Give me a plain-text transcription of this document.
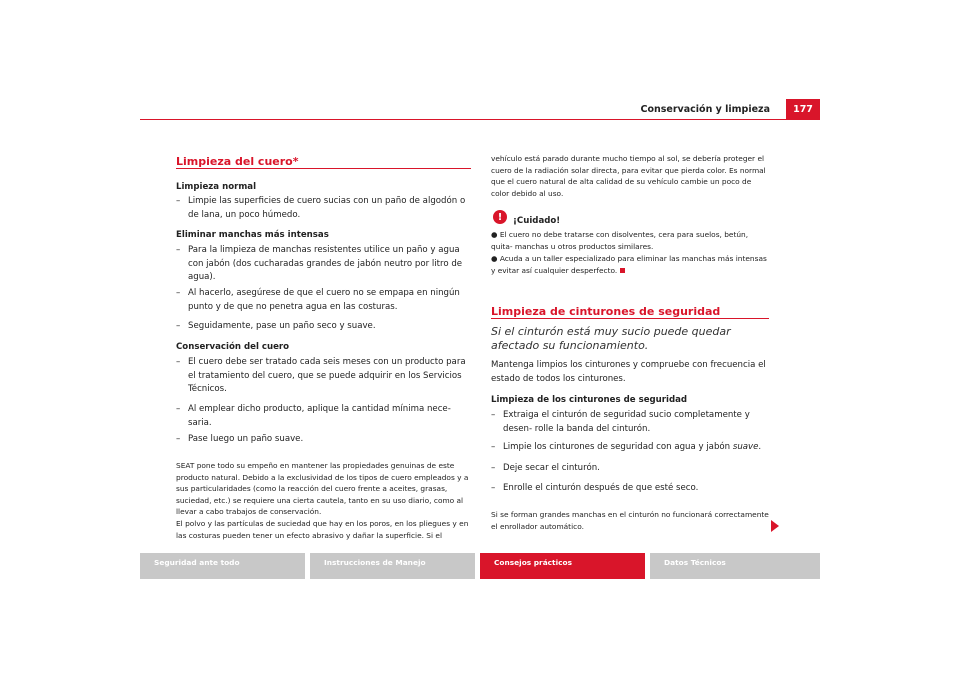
Conservación y limpieza	177
Limpieza del cuero*
Limpieza normal
– Limpie las superficies de cuero sucias con un paño de algodón o de lana, un poco húmedo.
Eliminar manchas más intensas
– Para la limpieza de manchas resistentes utilice un paño y agua con jabón (dos cucharadas grandes de jabón neutro por litro de agua).
– Al hacerlo, asegúrese de que el cuero no se empapa en ningún punto y de que no penetra agua en las costuras.
– Seguidamente, pase un paño seco y suave.
Conservación del cuero
– El cuero debe ser tratado cada seis meses con un producto para el tratamiento del cuero, que se puede adquirir en los Servicios Técnicos.
– Al emplear dicho producto, aplique la cantidad mínima nece- saria.
– Pase luego un paño suave.
SEAT pone todo su empeño en mantener las propiedades genuinas de este producto natural. Debido a la exclusividad de los tipos de cuero empleados y a sus particularidades (como la reacción del cuero frente a aceites, grasas, suciedad, etc.) se requiere una cierta cautela, tanto en su uso diario, como al llevar a cabo trabajos de conservación.
El polvo y las partículas de suciedad que hay en los poros, en los pliegues y en las costuras pueden tener un efecto abrasivo y dañar la superficie. Si el
vehículo está parado durante mucho tiempo al sol, se debería proteger el cuero de la radiación solar directa, para evitar que pierda color. Es normal que el cuero natural de alta calidad de su vehículo cambie un poco de color debido al uso.
!	¡Cuidado!
● El cuero no debe tratarse con disolventes, cera para suelos, betún, quita- manchas u otros productos similares.
● Acuda a un taller especializado para eliminar las manchas más intensas y evitar así cualquier desperfecto.
Limpieza de cinturones de seguridad
Si el cinturón está muy sucio puede quedar afectado su funcionamiento.
Mantenga limpios los cinturones y compruebe con frecuencia el estado de todos los cinturones.
Limpieza de los cinturones de seguridad
– Extraiga el cinturón de seguridad sucio completamente y desen- rolle la banda del cinturón.
– Limpie los cinturones de seguridad con agua y jabón suave.
– Deje secar el cinturón.
– Enrolle el cinturón después de que esté seco.
Si se forman grandes manchas en el cinturón no funcionará correctamente el enrollador automático.
Seguridad ante todo	Instrucciones de Manejo	Consejos prácticos	Datos Técnicos
